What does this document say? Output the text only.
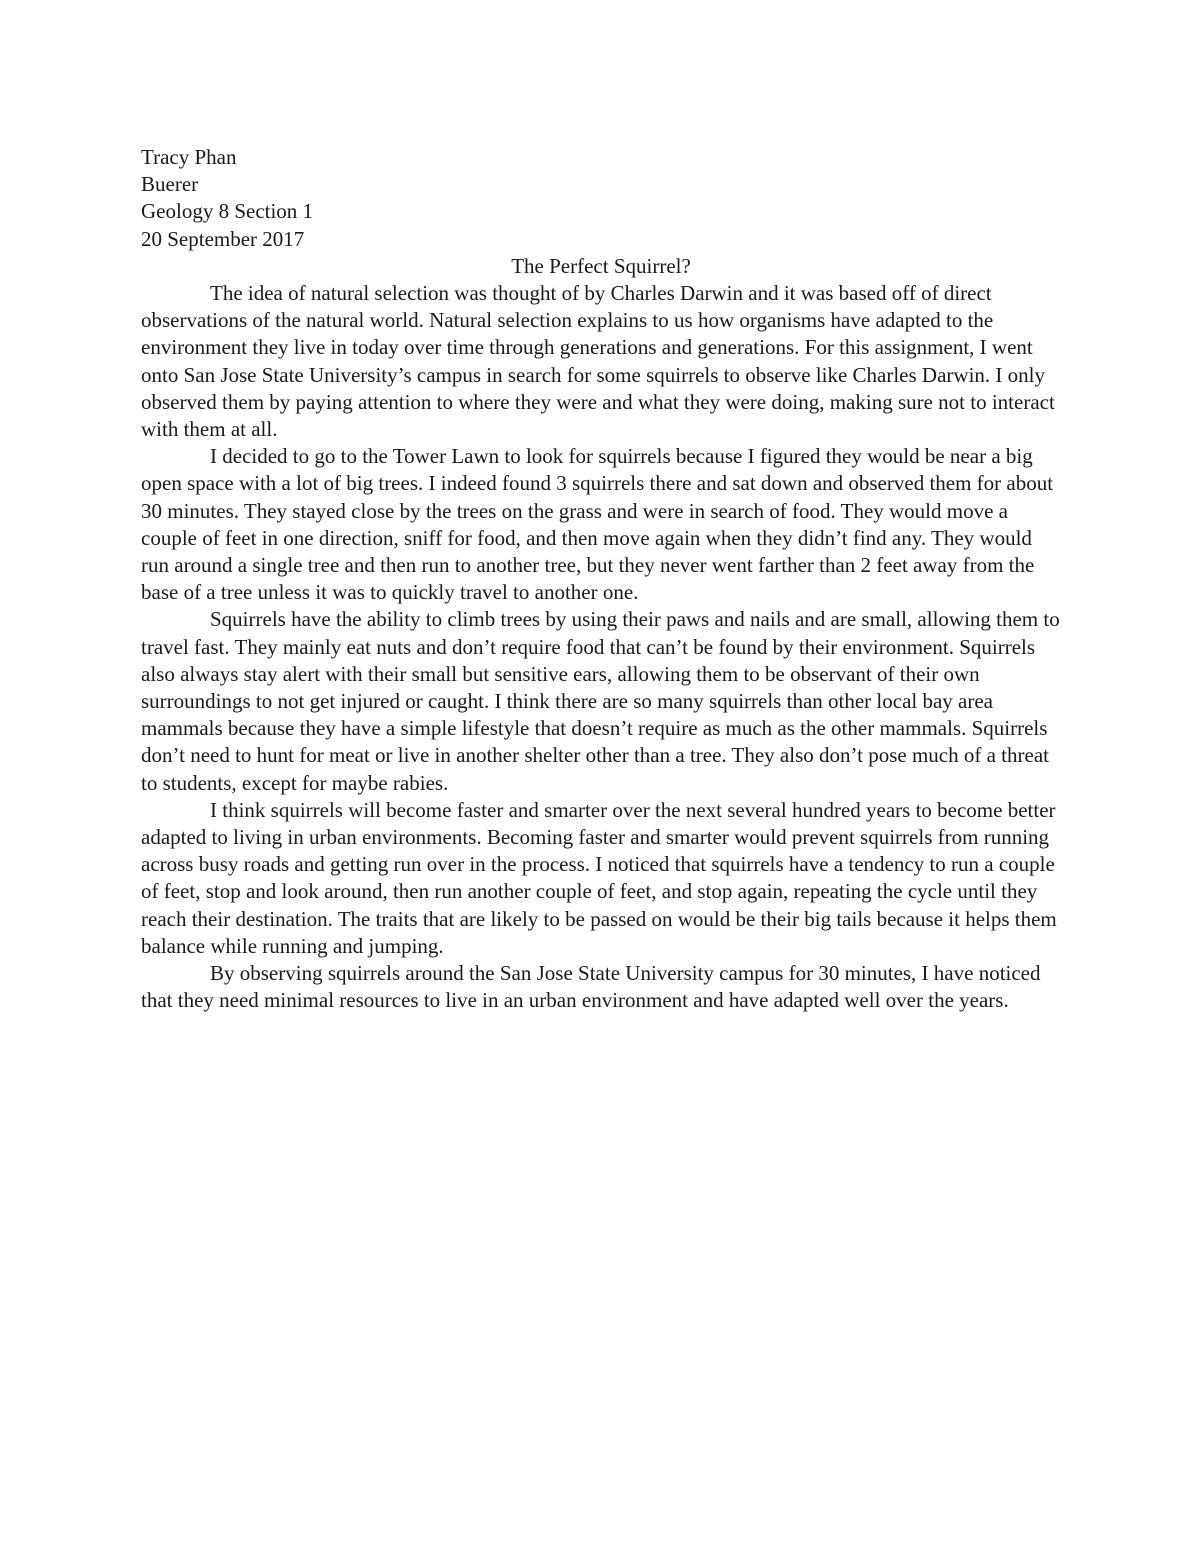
Tracy Phan

Buerer

Geology 8 Section 1

20 September 2017

The Perfect Squirrel?

The idea of natural selection was thought of by Charles Darwin and it was based off of direct observations of the natural world. Natural selection explains to us how organisms have adapted to the environment they live in today over time through generations and generations. For this assignment, I went onto San Jose State University’s campus in search for some squirrels to observe like Charles Darwin. I only observed them by paying attention to where they were and what they were doing, making sure not to interact with them at all.

I decided to go to the Tower Lawn to look for squirrels because I figured they would be near a big open space with a lot of big trees. I indeed found 3 squirrels there and sat down and observed them for about 30 minutes. They stayed close by the trees on the grass and were in search of food. They would move a couple of feet in one direction, sniff for food, and then move again when they didn’t find any. They would run around a single tree and then run to another tree, but they never went farther than 2 feet away from the base of a tree unless it was to quickly travel to another one.

Squirrels have the ability to climb trees by using their paws and nails and are small, allowing them to travel fast. They mainly eat nuts and don’t require food that can’t be found by their environment. Squirrels also always stay alert with their small but sensitive ears, allowing them to be observant of their own surroundings to not get injured or caught. I think there are so many squirrels than other local bay area mammals because they have a simple lifestyle that doesn’t require as much as the other mammals. Squirrels don’t need to hunt for meat or live in another shelter other than a tree. They also don’t pose much of a threat to students, except for maybe rabies.

I think squirrels will become faster and smarter over the next several hundred years to become better adapted to living in urban environments. Becoming faster and smarter would prevent squirrels from running across busy roads and getting run over in the process. I noticed that squirrels have a tendency to run a couple of feet, stop and look around, then run another couple of feet, and stop again, repeating the cycle until they reach their destination. The traits that are likely to be passed on would be their big tails because it helps them balance while running and jumping.

By observing squirrels around the San Jose State University campus for 30 minutes, I have noticed that they need minimal resources to live in an urban environment and have adapted well over the years.
